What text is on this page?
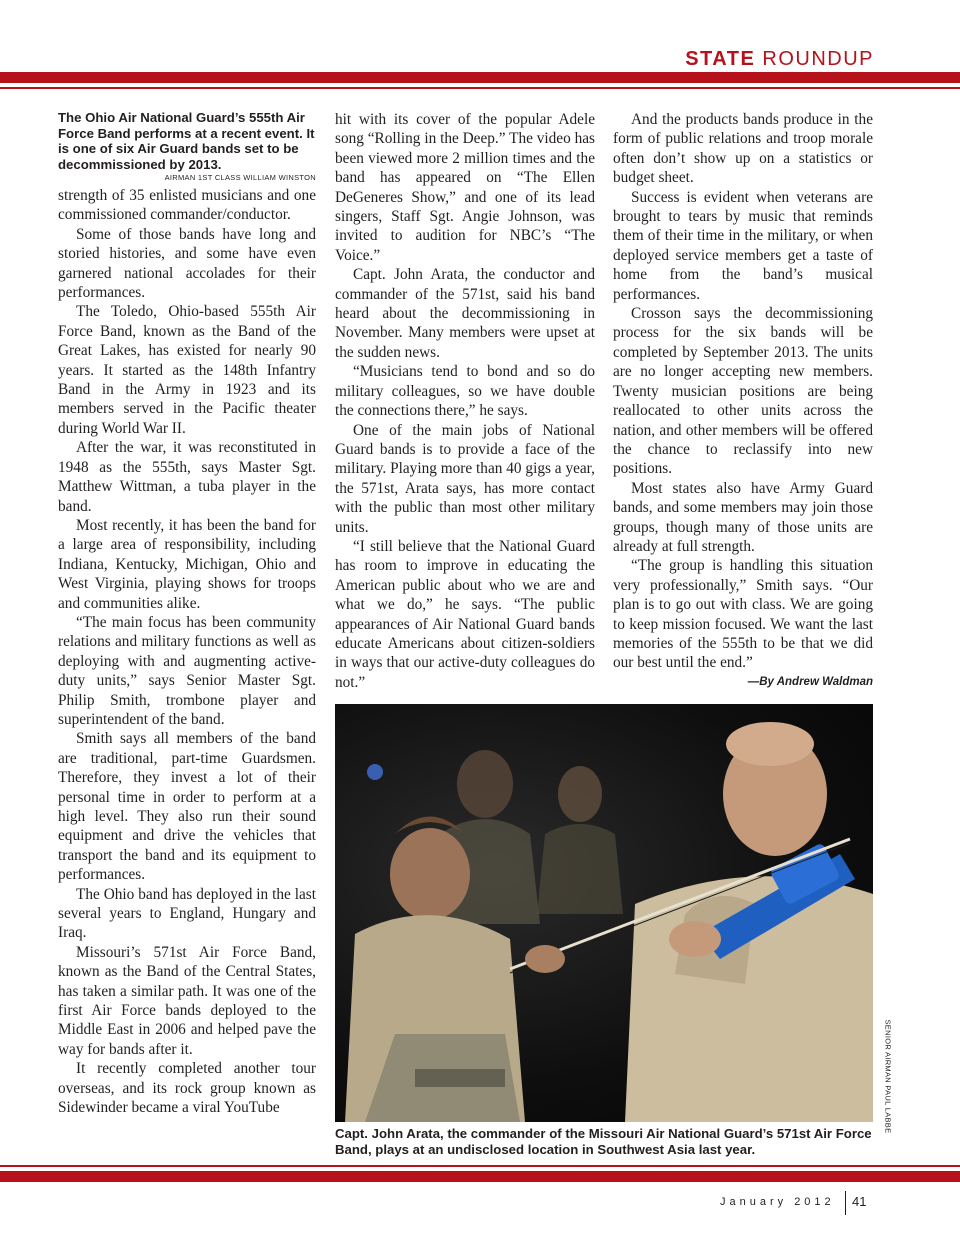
STATE ROUNDUP
The Ohio Air National Guard’s 555th Air Force Band performs at a recent event. It is one of six Air Guard bands set to be decommissioned by 2013.
AIRMAN 1ST CLASS WILLIAM WINSTON

strength of 35 enlisted musicians and one commissioned commander/conductor.

Some of those bands have long and storied histories, and some have even garnered national accolades for their performances.

The Toledo, Ohio-based 555th Air Force Band, known as the Band of the Great Lakes, has existed for nearly 90 years. It started as the 148th Infantry Band in the Army in 1923 and its members served in the Pacific theater during World War II.

After the war, it was reconstituted in 1948 as the 555th, says Master Sgt. Matthew Wittman, a tuba player in the band.

Most recently, it has been the band for a large area of responsibility, including Indiana, Kentucky, Michigan, Ohio and West Virginia, playing shows for troops and communities alike.

“The main focus has been community relations and military functions as well as deploying with and augmenting active-duty units,” says Senior Master Sgt. Philip Smith, trombone player and superintendent of the band.

Smith says all members of the band are traditional, part-time Guardsmen. Therefore, they invest a lot of their personal time in order to perform at a high level. They also run their sound equipment and drive the vehicles that transport the band and its equipment to performances.

The Ohio band has deployed in the last several years to England, Hungary and Iraq.

Missouri’s 571st Air Force Band, known as the Band of the Central States, has taken a similar path. It was one of the first Air Force bands deployed to the Middle East in 2006 and helped pave the way for bands after it.

It recently completed another tour overseas, and its rock group known as Sidewinder became a viral YouTube

hit with its cover of the popular Adele song “Rolling in the Deep.” The video has been viewed more 2 million times and the band has appeared on “The Ellen DeGeneres Show,” and one of its lead singers, Staff Sgt. Angie Johnson, was invited to audition for NBC’s “The Voice.”

Capt. John Arata, the conductor and commander of the 571st, said his band heard about the decommissioning in November. Many members were upset at the sudden news.

“Musicians tend to bond and so do military colleagues, so we have double the connections there,” he says.

One of the main jobs of National Guard bands is to provide a face of the military. Playing more than 40 gigs a year, the 571st, Arata says, has more contact with the public than most other military units.

“I still believe that the National Guard has room to improve in educating the American public about who we are and what we do,” he says. “The public appearances of Air National Guard bands educate Americans about citizen-soldiers in ways that our active-duty colleagues do not.”

And the products bands produce in the form of public relations and troop morale often don’t show up on a statistics or budget sheet.

Success is evident when veterans are brought to tears by music that reminds them of their time in the military, or when deployed service members get a taste of home from the band’s musical performances.

Crosson says the decommissioning process for the six bands will be completed by September 2013. The units are no longer accepting new members. Twenty musician positions are being reallocated to other units across the nation, and other members will be offered the chance to reclassify into new positions.

Most states also have Army Guard bands, and some members may join those groups, though many of those units are already at full strength.

“The group is handling this situation very professionally,” Smith says. “Our plan is to go out with class. We are going to keep mission focused. We want the last memories of the 555th to be that we did our best until the end.”

—By Andrew Waldman

SENIOR AIRMAN PAUL LABBE
Capt. John Arata, the commander of the Missouri Air National Guard’s 571st Air Force Band, plays at an undisclosed location in Southwest Asia last year.
January 2012 41
